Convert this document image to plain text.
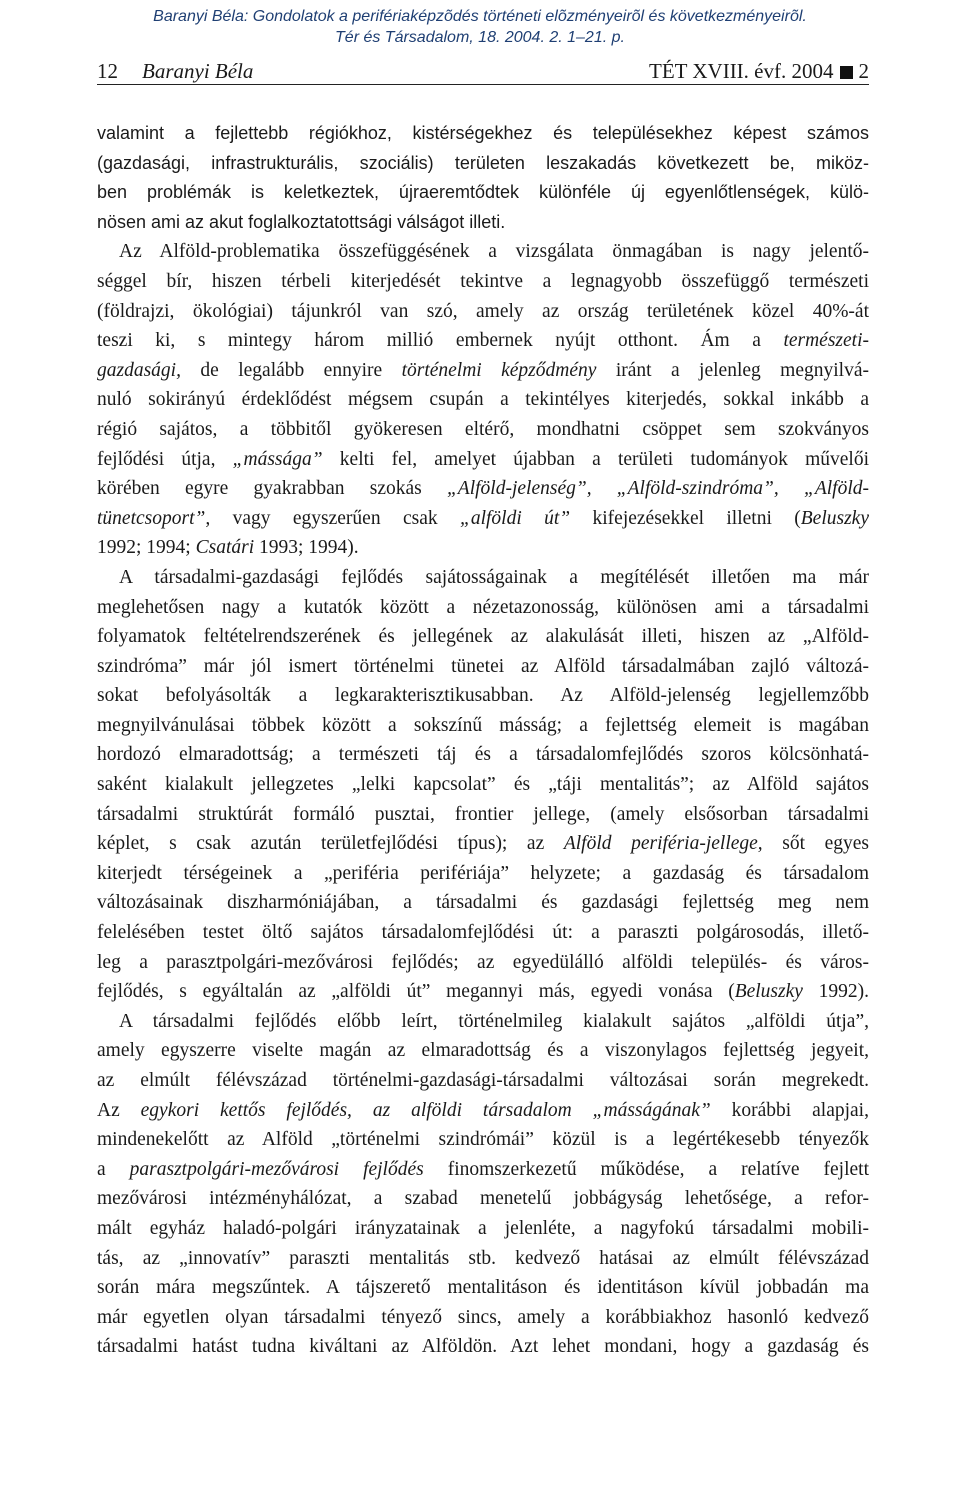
Baranyi Béla: Gondolatok a perifériaképzõdés történeti elõzményeirõl és következményeirõl.
Tér és Társadalom, 18. 2004. 2. 1–21. p.
12 Baranyi Béla	TÉT XVIII. évf. 2004 2
valamint a fejlettebb régiókhoz, kistérségekhez és településekhez képest számos
(gazdasági, infrastrukturális, szociális) területen leszakadás következett be, miköz-
ben problémák is keletkeztek, újraeremtődtek különféle új egyenlőtlenségek, külö-
nösen ami az akut foglalkoztatottsági válságot illeti.
Az Alföld-problematika összefüggésének a vizsgálata önmagában is nagy jelentő-
séggel bír, hiszen térbeli kiterjedését tekintve a legnagyobb összefüggő természeti
(földrajzi, ökológiai) tájunkról van szó, amely az ország területének közel 40%-át
teszi ki, s mintegy három millió embernek nyújt otthont. Ám a természeti-
gazdasági, de legalább ennyire történelmi képződmény iránt a jelenleg megnyilvá-
nuló sokirányú érdeklődést mégsem csupán a tekintélyes kiterjedés, sokkal inkább a
régió sajátos, a többitől gyökeresen eltérő, mondhatni csöppet sem szokványos
fejlődési útja, „mássága” kelti fel, amelyet újabban a területi tudományok művelői
körében egyre gyakrabban szokás „Alföld-jelenség”, „Alföld-szindróma”, „Alföld-
tünetcsoport”, vagy egyszerűen csak „alföldi út” kifejezésekkel illetni (Beluszky
1992; 1994; Csatári 1993; 1994).
A társadalmi-gazdasági fejlődés sajátosságainak a megítélését illetően ma már
meglehetősen nagy a kutatók között a nézetazonosság, különösen ami a társadalmi
folyamatok feltételrendszerének és jellegének az alakulását illeti, hiszen az „Alföld-
szindróma” már jól ismert történelmi tünetei az Alföld társadalmában zajló változá-
sokat befolyásolták a legkarakterisztikusabban. Az Alföld-jelenség legjellemzőbb
megnyilvánulásai többek között a sokszínű másság; a fejlettség elemeit is magában
hordozó elmaradottság; a természeti táj és a társadalomfejlődés szoros kölcsönhatá-
saként kialakult jellegzetes „lelki kapcsolat” és „táji mentalitás”; az Alföld sajátos
társadalmi struktúrát formáló pusztai, frontier jellege, (amely elsősorban társadalmi
képlet, s csak azután területfejlődési típus); az Alföld periféria-jellege, sőt egyes
kiterjedt térségeinek a „periféria perifériája” helyzete; a gazdaság és társadalom
változásainak diszharmóniájában, a társadalmi és gazdasági fejlettség meg nem
felelésében testet öltő sajátos társadalomfejlődési út: a paraszti polgárosodás, illető-
leg a parasztpolgári-mezővárosi fejlődés; az egyedülálló alföldi település- és város-
fejlődés, s egyáltalán az „alföldi út” megannyi más, egyedi vonása (Beluszky 1992).
A társadalmi fejlődés előbb leírt, történelmileg kialakult sajátos „alföldi útja”,
amely egyszerre viselte magán az elmaradottság és a viszonylagos fejlettség jegyeit,
az elmúlt félévszázad történelmi-gazdasági-társadalmi változásai során megrekedt.
Az egykori kettős fejlődés, az alföldi társadalom „másságának” korábbi alapjai,
mindenekelőtt az Alföld „történelmi szindrómái” közül is a legértékesebb tényezők
a parasztpolgári-mezővárosi fejlődés finomszerkezetű működése, a relatíve fejlett
mezővárosi intézményhálózat, a szabad menetelű jobbágyság lehetősége, a refor-
mált egyház haladó-polgári irányzatainak a jelenléte, a nagyfokú társadalmi mobili-
tás, az „innovatív” paraszti mentalitás stb. kedvező hatásai az elmúlt félévszázad
során mára megszűntek. A tájszerető mentalitáson és identitáson kívül jobbadán ma
már egyetlen olyan társadalmi tényező sincs, amely a korábbiakhoz hasonló kedvező
társadalmi hatást tudna kiváltani az Alföldön. Azt lehet mondani, hogy a gazdaság és
